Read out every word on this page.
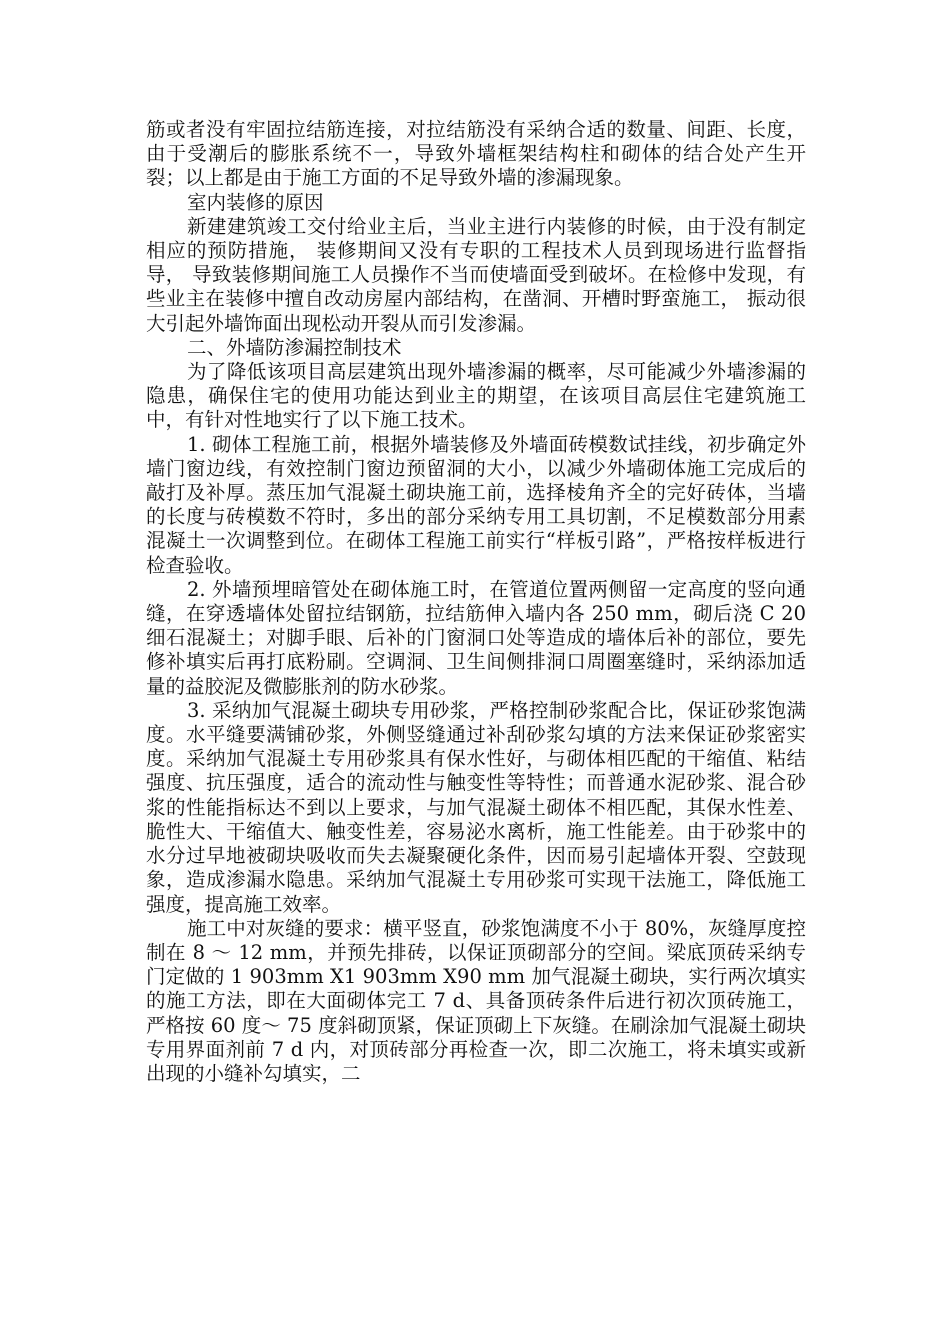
筋或者没有牢固拉结筋连接，对拉结筋没有采纳合适的数量、间距、长度，由于受潮后的膨胀系统不一，导致外墙框架结构柱和砌体的结合处产生开裂；以上都是由于施工方面的不足导致外墙的渗漏现象。

室内装修的原因

新建建筑竣工交付给业主后，当业主进行内装修的时候，由于没有制定相应的预防措施， 装修期间又没有专职的工程技术人员到现场进行监督指导， 导致装修期间施工人员操作不当而使墙面受到破坏。在检修中发现，有些业主在装修中擅自改动房屋内部结构，在凿洞、开槽时野蛮施工， 振动很大引起外墙饰面出现松动开裂从而引发渗漏。

二、外墙防渗漏控制技术

为了降低该项目高层建筑出现外墙渗漏的概率，尽可能减少外墙渗漏的隐患，确保住宅的使用功能达到业主的期望，在该项目高层住宅建筑施工中，有针对性地实行了以下施工技术。

1. 砌体工程施工前，根据外墙装修及外墙面砖模数试挂线，初步确定外墙门窗边线，有效控制门窗边预留洞的大小，以减少外墙砌体施工完成后的敲打及补厚。蒸压加气混凝土砌块施工前，选择棱角齐全的完好砖体，当墙的长度与砖模数不符时，多出的部分采纳专用工具切割，不足模数部分用素混凝土一次调整到位。在砌体工程施工前实行“样板引路”，严格按样板进行检查验收。

2. 外墙预埋暗管处在砌体施工时，在管道位置两侧留一定高度的竖向通缝，在穿透墙体处留拉结钢筋，拉结筋伸入墙内各 250 mm，砌后浇 C 20 细石混凝土；对脚手眼、后补的门窗洞口处等造成的墙体后补的部位，要先修补填实后再打底粉刷。空调洞、卫生间侧排洞口周圈塞缝时，采纳添加适量的益胶泥及微膨胀剂的防水砂浆。

3. 采纳加气混凝土砌块专用砂浆，严格控制砂浆配合比，保证砂浆饱满度。水平缝要满铺砂浆，外侧竖缝通过补刮砂浆勾填的方法来保证砂浆密实度。采纳加气混凝土专用砂浆具有保水性好，与砌体相匹配的干缩值、粘结强度、抗压强度，适合的流动性与触变性等特性；而普通水泥砂浆、混合砂浆的性能指标达不到以上要求，与加气混凝土砌体不相匹配，其保水性差、脆性大、干缩值大、触变性差，容易泌水离析，施工性能差。由于砂浆中的水分过早地被砌块吸收而失去凝聚硬化条件，因而易引起墙体开裂、空鼓现象，造成渗漏水隐患。采纳加气混凝土专用砂浆可实现干法施工，降低施工强度，提高施工效率。

施工中对灰缝的要求：横平竖直，砂浆饱满度不小于 80%，灰缝厚度控制在 8 ～ 12 mm，并预先排砖，以保证顶砌部分的空间。梁底顶砖采纳专门定做的 1 903mm X1 903mm X90 mm 加气混凝土砌块，实行两次填实的施工方法，即在大面砌体完工 7 d、具备顶砖条件后进行初次顶砖施工，严格按 60 度～ 75 度斜砌顶紧，保证顶砌上下灰缝。在刷涂加气混凝土砌块专用界面剂前 7 d 内，对顶砖部分再检查一次，即二次施工，将未填实或新出现的小缝补勾填实，二
